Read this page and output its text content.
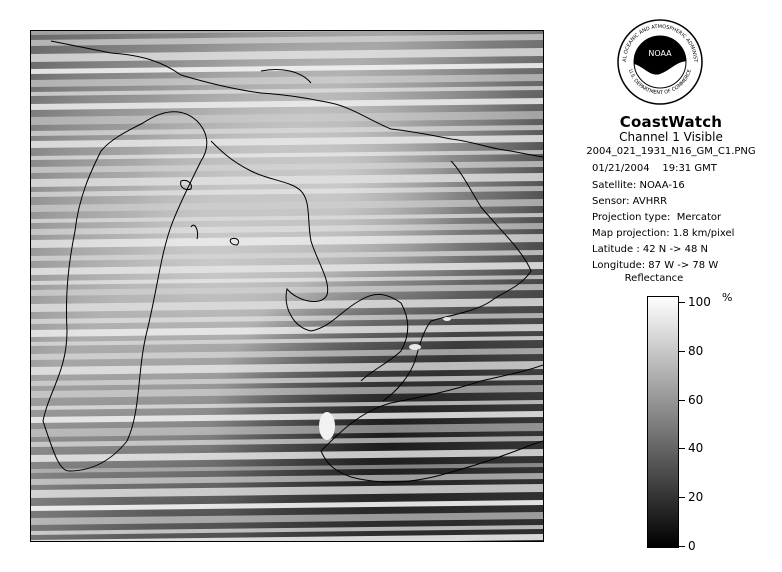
NOAA
AL OCEANIC AND ATMOSPHERIC ADMINIST
U.S. DEPARTMENT OF COMMERCE
CoastWatch
Channel 1 Visible
2004_021_1931_N16_GM_C1.PNG
01/21/2004    19:31 GMT
Satellite: NOAA-16
Sensor: AVHRR
Projection type:  Mercator
Map projection: 1.8 km/pixel
Latitude : 42 N -> 48 N
Longitude: 87 W -> 78 W
Reflectance
%
100
80
60
40
20
0
